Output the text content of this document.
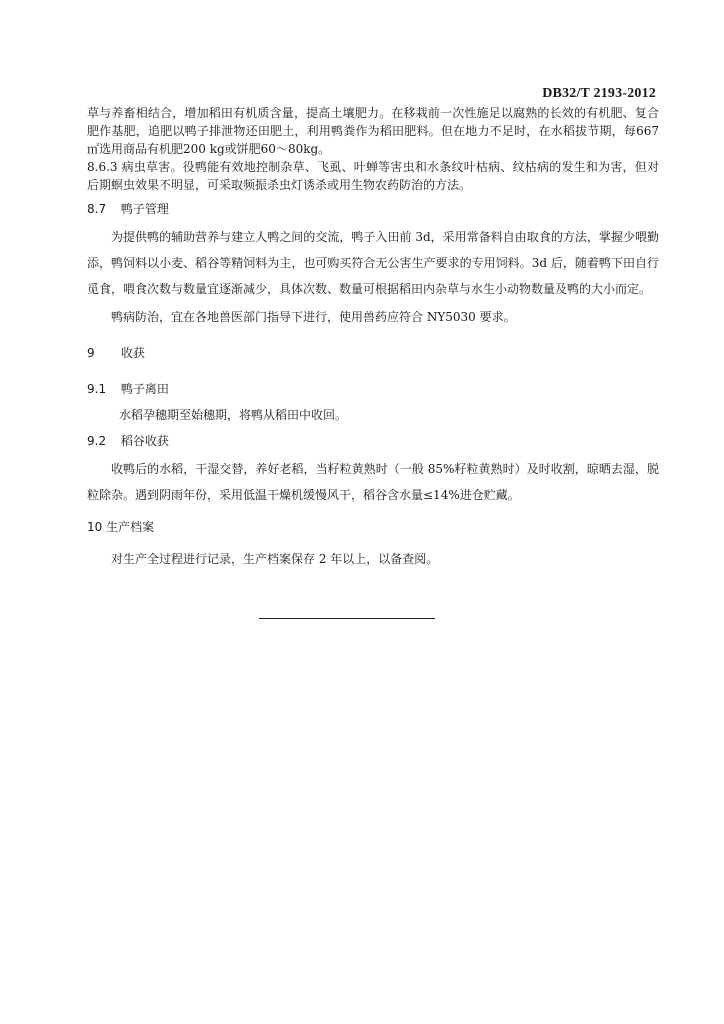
DB32/T 2193-2012

草与养畜相结合，增加稻田有机质含量，提高土壤肥力。在移栽前一次性施足以腐熟的长效的有机肥、复合肥作基肥，追肥以鸭子排泄物还田肥土，利用鸭粪作为稻田肥料。但在地力不足时，在水稻拔节期，每667㎡选用商品有机肥200 kg或饼肥60～80kg。

8.6.3 病虫草害。役鸭能有效地控制杂草、飞虱、叶蝉等害虫和水条纹叶枯病、纹枯病的发生和为害，但对后期螟虫效果不明显，可采取频振杀虫灯诱杀或用生物农药防治的方法。

8.7 鸭子管理

为提供鸭的辅助营养与建立人鸭之间的交流，鸭子入田前 3d，采用常备料自由取食的方法，掌握少喂勤添，鸭饲料以小麦、稻谷等精饲料为主，也可购买符合无公害生产要求的专用饲料。3d 后，随着鸭下田自行觅食，喂食次数与数量宜逐渐减少，具体次数、数量可根据稻田内杂草与水生小动物数量及鸭的大小而定。

鸭病防治，宜在各地兽医部门指导下进行，使用兽药应符合 NY5030 要求。

9 收获
9.1 鸭子离田

水稻孕穗期至始穗期，将鸭从稻田中收回。

9.2 稻谷收获

收鸭后的水稻，干湿交替，养好老稻，当籽粒黄熟时（一般 85%籽粒黄熟时）及时收割，晾晒去湿，脱粒除杂。遇到阴雨年份，采用低温干燥机缓慢风干，稻谷含水量≤14%进仓贮藏。

10 生产档案

对生产全过程进行记录，生产档案保存 2 年以上，以备查阅。
